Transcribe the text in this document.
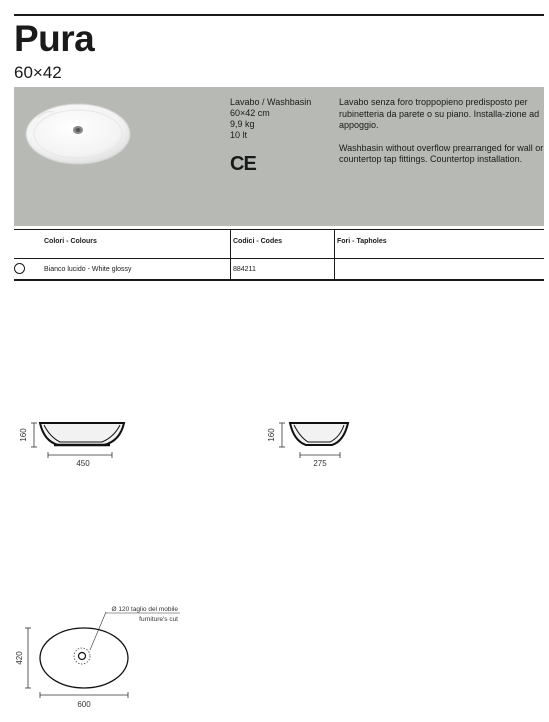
Pura
60×42
Lavabo / Washbasin
60×42 cm
9,9 kg
10 lt
CE

Lavabo senza foro troppopieno predisposto per rubinetteria da parete o su piano. Installa-zione ad appoggio.

Washbasin without overflow prearranged for wall or countertop tap fittings. Countertop installation.

Colori - Colours	Codici - Codes	Fori - Tapholes
Bianco lucido - White glossy	884211
160
450
160
275
420
Ø 120 taglio del mobile
furniture's cut
600
